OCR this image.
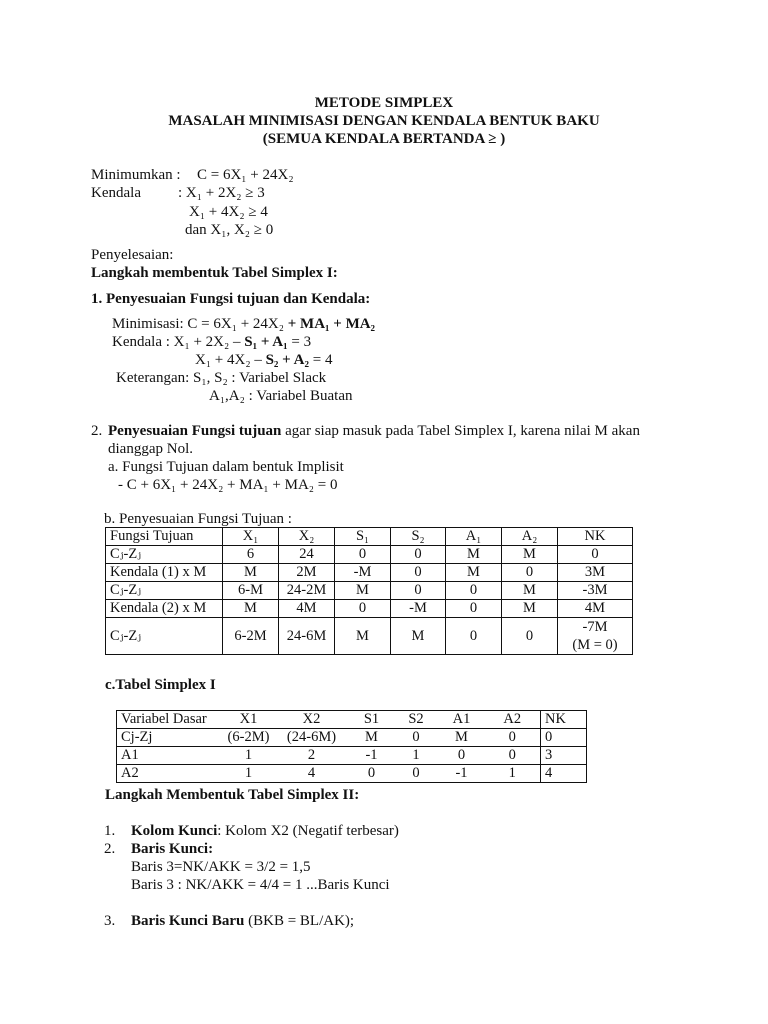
METODE SIMPLEX
MASALAH MINIMISASI DENGAN KENDALA BENTUK BAKU
(SEMUA KENDALA BERTANDA ≥ )
Minimumkan : C = 6X₁ + 24X₂
Kendala : X₁ + 2X₂ ≥ 3
X₁ + 4X₂ ≥ 4
dan X₁, X₂ ≥ 0
Penyelesaian:
Langkah membentuk Tabel Simplex I:
1. Penyesuaian Fungsi tujuan dan Kendala:
Minimisasi: C = 6X₁ + 24X₂ + MA₁ + MA₂
Kendala : X₁ + 2X₂ – S₁ + A₁ = 3
X₁ + 4X₂ – S₂ + A₂ = 4
Keterangan: S₁, S₂ : Variabel Slack
A₁,A₂ : Variabel Buatan
2. Penyesuaian Fungsi tujuan agar siap masuk pada Tabel Simplex I, karena nilai M akan
dianggap Nol.
a. Fungsi Tujuan dalam bentuk Implisit
- C + 6X₁ + 24X₂ + MA₁ + MA₂ = 0
b. Penyesuaian Fungsi Tujuan :
Fungsi Tujuan	X₁	X₂	S₁	S₂	A₁	A₂	NK
Cⱼ-Zⱼ	6	24	0	0	M	M	0
Kendala (1) x M	M	2M	-M	0	M	0	3M
Cⱼ-Zⱼ	6-M	24-2M	M	0	0	M	-3M
Kendala (2) x M	M	4M	0	-M	0	M	4M
Cⱼ-Zⱼ	6-2M	24-6M	M	M	0	0	-7M
(M = 0)
c.Tabel Simplex I
Variabel Dasar	X1	X2	S1	S2	A1	A2	NK
Cj-Zj	(6-2M)	(24-6M)	M	0	M	0	0
A1	1	2	-1	1	0	0	3
A2	1	4	0	0	-1	1	4
Langkah Membentuk Tabel Simplex II:
1. Kolom Kunci: Kolom X2 (Negatif terbesar)
2. Baris Kunci:
Baris 3=NK/AKK = 3/2 = 1,5
Baris 3 : NK/AKK = 4/4 = 1 ...Baris Kunci
3. Baris Kunci Baru (BKB = BL/AK);
